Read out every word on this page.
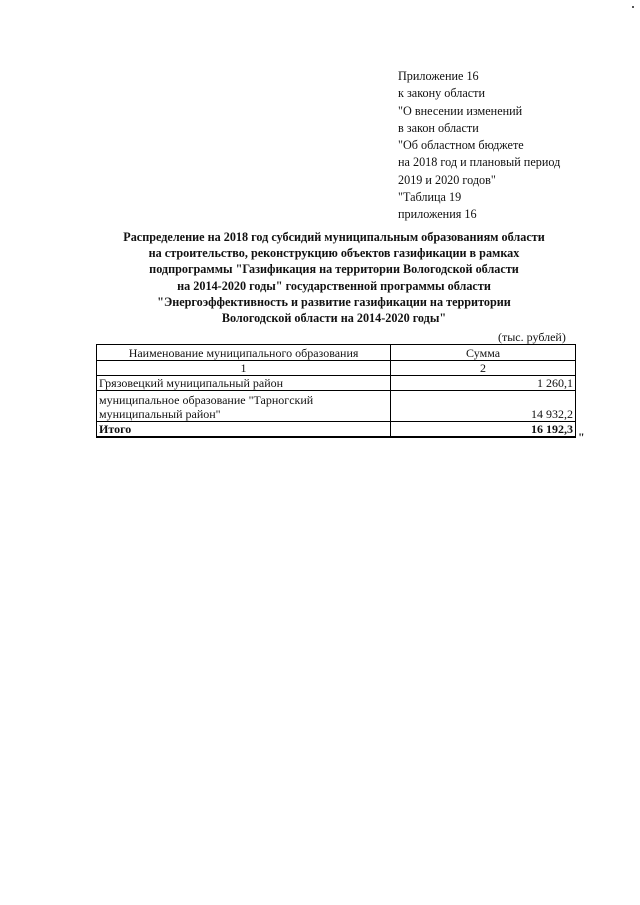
Приложение 16
к закону области
"О внесении изменений
в закон области
"Об областном бюджете
на 2018 год и плановый период
2019 и 2020 годов"
"Таблица 19
приложения 16
Распределение на 2018 год субсидий муниципальным образованиям области
на строительство, реконструкцию объектов газификации в рамках
подпрограммы "Газификация на территории Вологодской области
на 2014-2020 годы" государственной программы области
"Энергоэффективность и развитие газификации на территории
Вологодской области на 2014-2020 годы"
(тыс. рублей)
Наименование муниципального образования	Сумма
1	2
Грязовецкий муниципальный район	1 260,1

муниципальное образование "Тарногский
муниципальный район"	14 932,2
Итого	16 192,3
"
